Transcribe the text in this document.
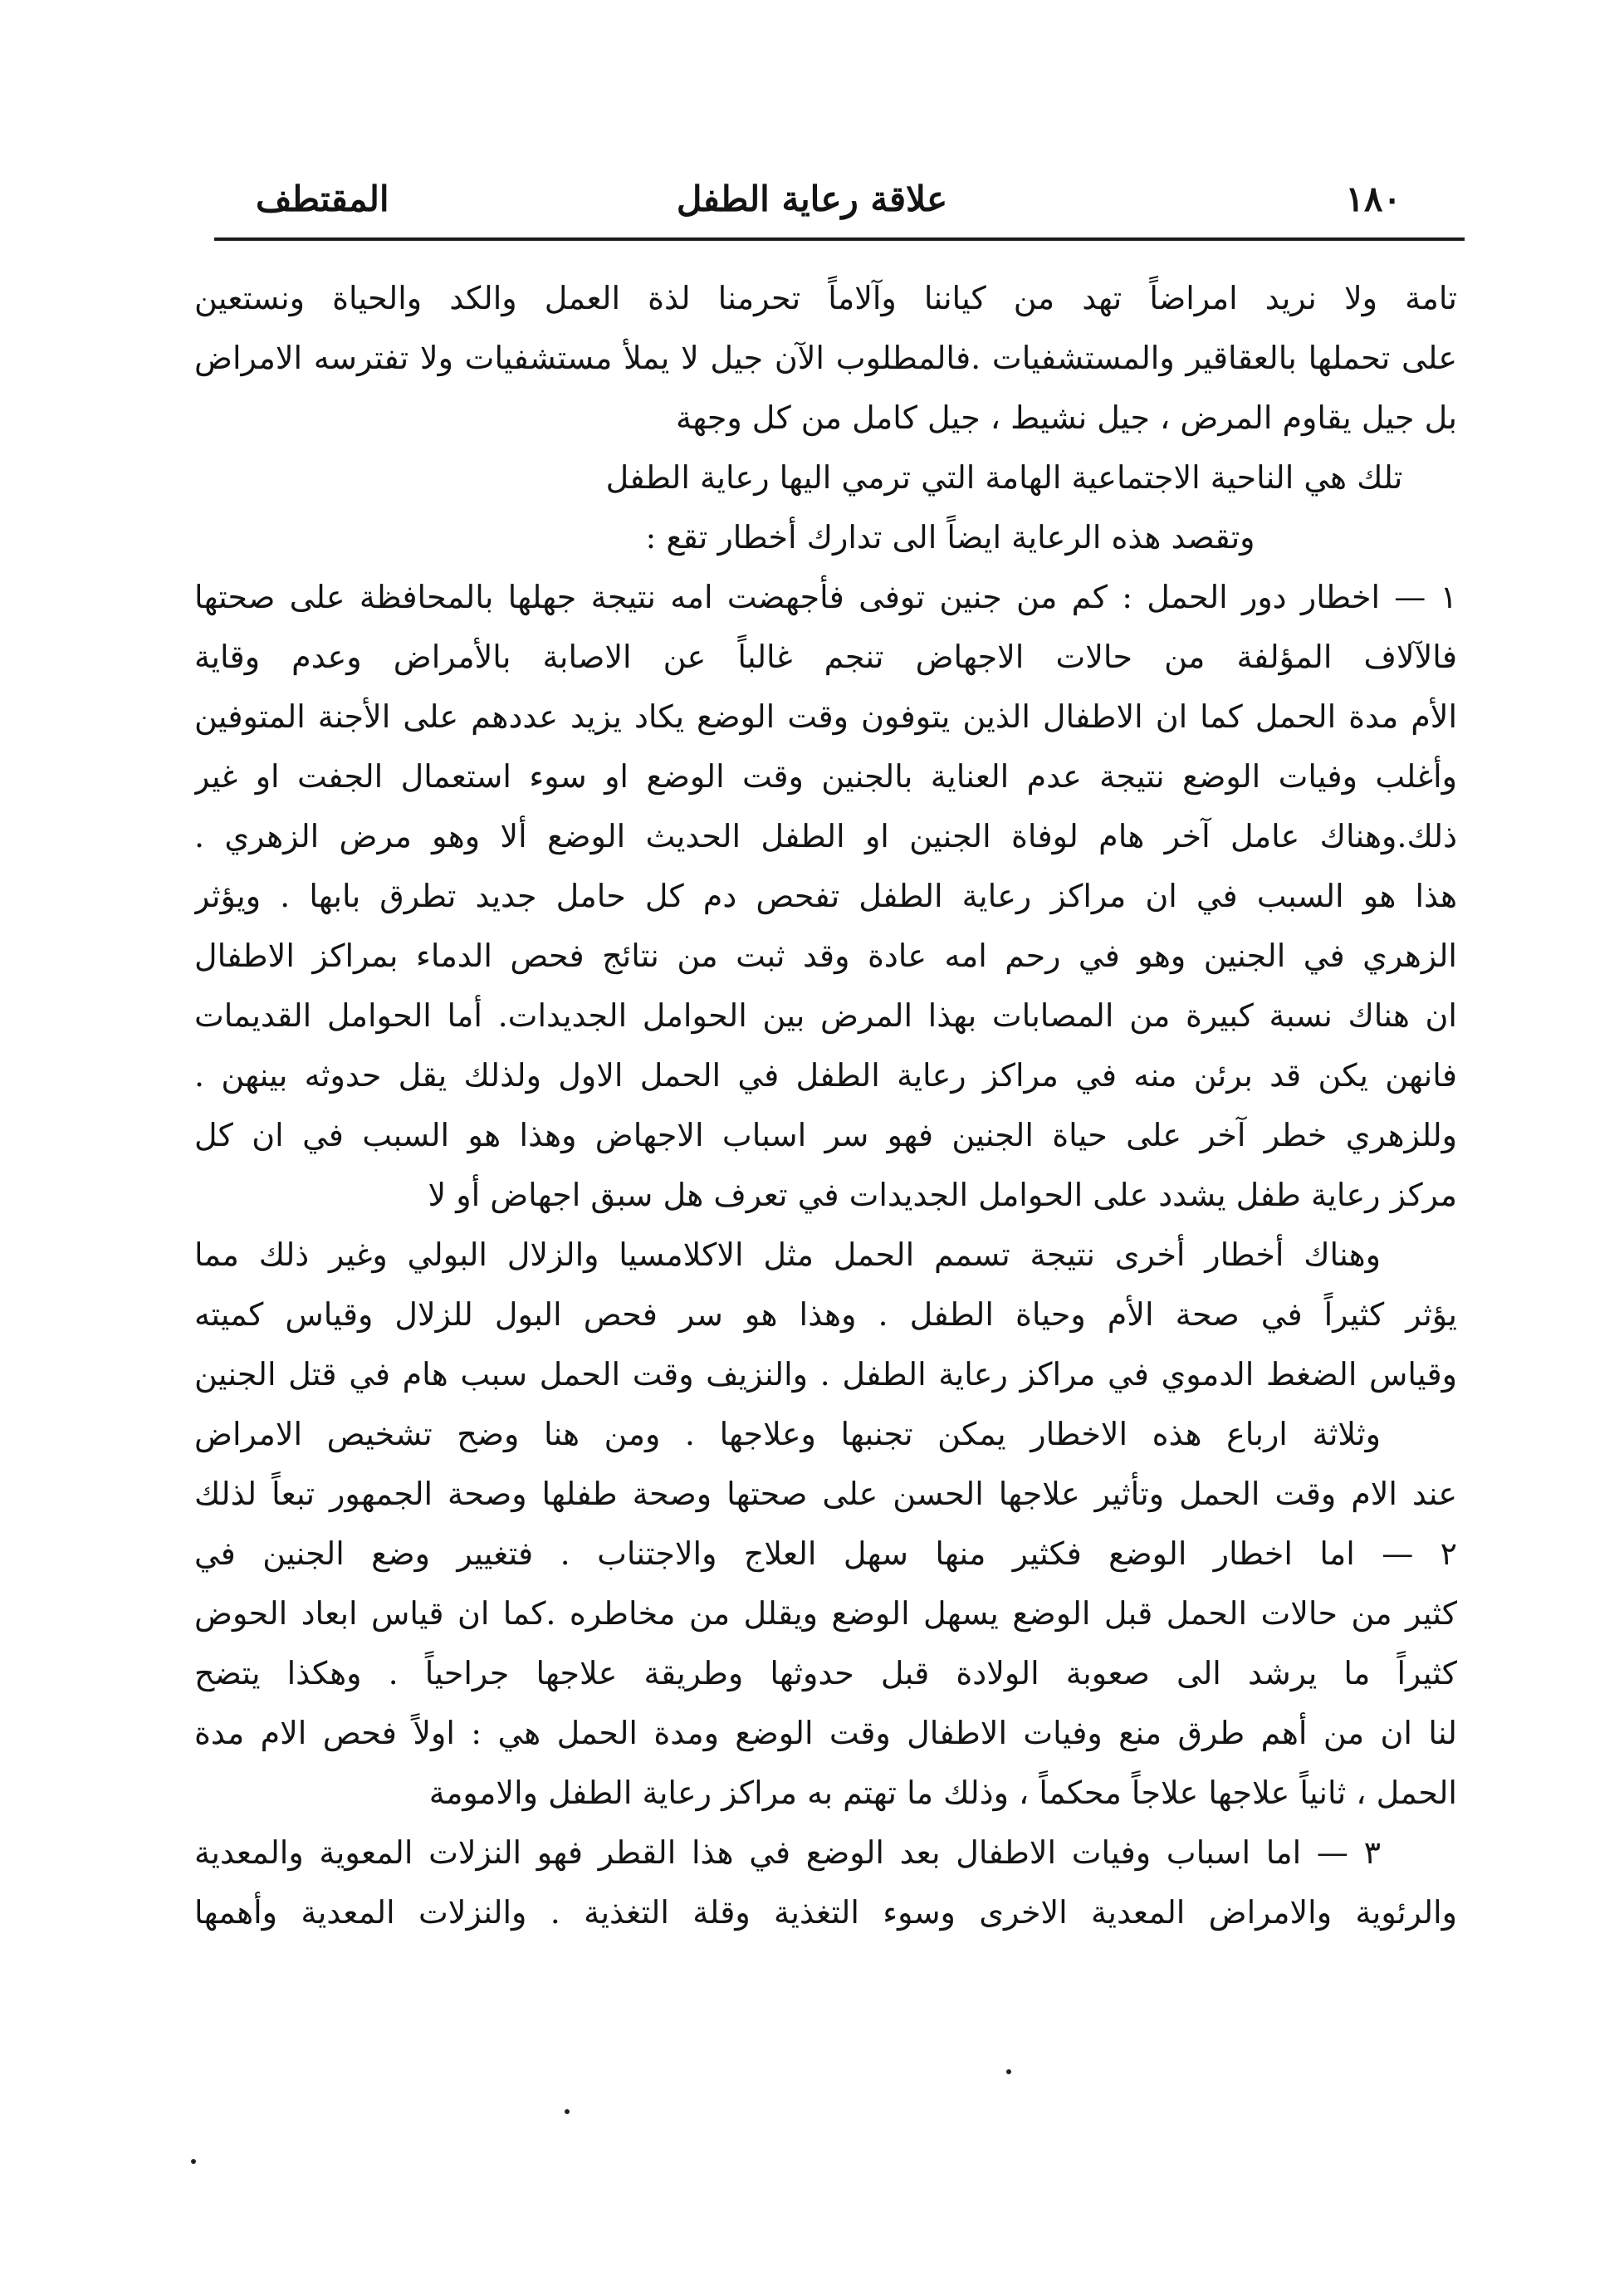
١٨٠
علاقة رعاية الطفل
المقتطف
تامة ولا نريد امراضاً تهد من كياننا وآلاماً تحرمنا لذة العمل والكد والحياة ونستعين
على تحملها بالعقاقير والمستشفيات .فالمطلوب الآن جيل لا يملأ مستشفيات ولا تفترسه الامراض
بل جيل يقاوم المرض ، جيل نشيط ، جيل كامل من كل وجهة
تلك هي الناحية الاجتماعية الهامة التي ترمي اليها رعاية الطفل
وتقصد هذه الرعاية ايضاً الى تدارك أخطار تقع :
١ — اخطار دور الحمل : كم من جنين توفى فأجهضت امه نتيجة جهلها بالمحافظة على صحتها
فالآلاف المؤلفة من حالات الاجهاض تنجم غالباً عن الاصابة بالأمراض وعدم وقاية
الأم مدة الحمل كما ان الاطفال الذين يتوفون وقت الوضع يكاد يزيد عددهم على الأجنة المتوفين
وأغلب وفيات الوضع نتيجة عدم العناية بالجنين وقت الوضع او سوء استعمال الجفت او غير
ذلك.وهناك عامل آخر هام لوفاة الجنين او الطفل الحديث الوضع ألا وهو مرض الزهري .
هذا هو السبب في ان مراكز رعاية الطفل تفحص دم كل حامل جديد تطرق بابها . ويؤثر
الزهري في الجنين وهو في رحم امه عادة وقد ثبت من نتائج فحص الدماء بمراكز الاطفال
ان هناك نسبة كبيرة من المصابات بهذا المرض بين الحوامل الجديدات. أما الحوامل القديمات
فانهن يكن قد برئن منه في مراكز رعاية الطفل في الحمل الاول ولذلك يقل حدوثه بينهن .
وللزهري خطر آخر على حياة الجنين فهو سر اسباب الاجهاض وهذا هو السبب في ان كل
مركز رعاية طفل يشدد على الحوامل الجديدات في تعرف هل سبق اجهاض أو لا
وهناك أخطار أخرى نتيجة تسمم الحمل مثل الاكلامسيا والزلال البولي وغير ذلك مما
يؤثر كثيراً في صحة الأم وحياة الطفل . وهذا هو سر فحص البول للزلال وقياس كميته
وقياس الضغط الدموي في مراكز رعاية الطفل . والنزيف وقت الحمل سبب هام في قتل الجنين
وثلاثة ارباع هذه الاخطار يمكن تجنبها وعلاجها . ومن هنا وضح تشخيص الامراض
عند الام وقت الحمل وتأثير علاجها الحسن على صحتها وصحة طفلها وصحة الجمهور تبعاً لذلك
٢ — اما اخطار الوضع فكثير منها سهل العلاج والاجتناب . فتغيير وضع الجنين في
كثير من حالات الحمل قبل الوضع يسهل الوضع ويقلل من مخاطره .كما ان قياس ابعاد الحوض
كثيراً ما يرشد الى صعوبة الولادة قبل حدوثها وطريقة علاجها جراحياً . وهكذا يتضح
لنا ان من أهم طرق منع وفيات الاطفال وقت الوضع ومدة الحمل هي : اولاً فحص الام مدة
الحمل ، ثانياً علاجها علاجاً محكماً ، وذلك ما تهتم به مراكز رعاية الطفل والامومة
٣ — اما اسباب وفيات الاطفال بعد الوضع في هذا القطر فهو النزلات المعوية والمعدية
والرئوية والامراض المعدية الاخرى وسوء التغذية وقلة التغذية . والنزلات المعدية وأهمها
